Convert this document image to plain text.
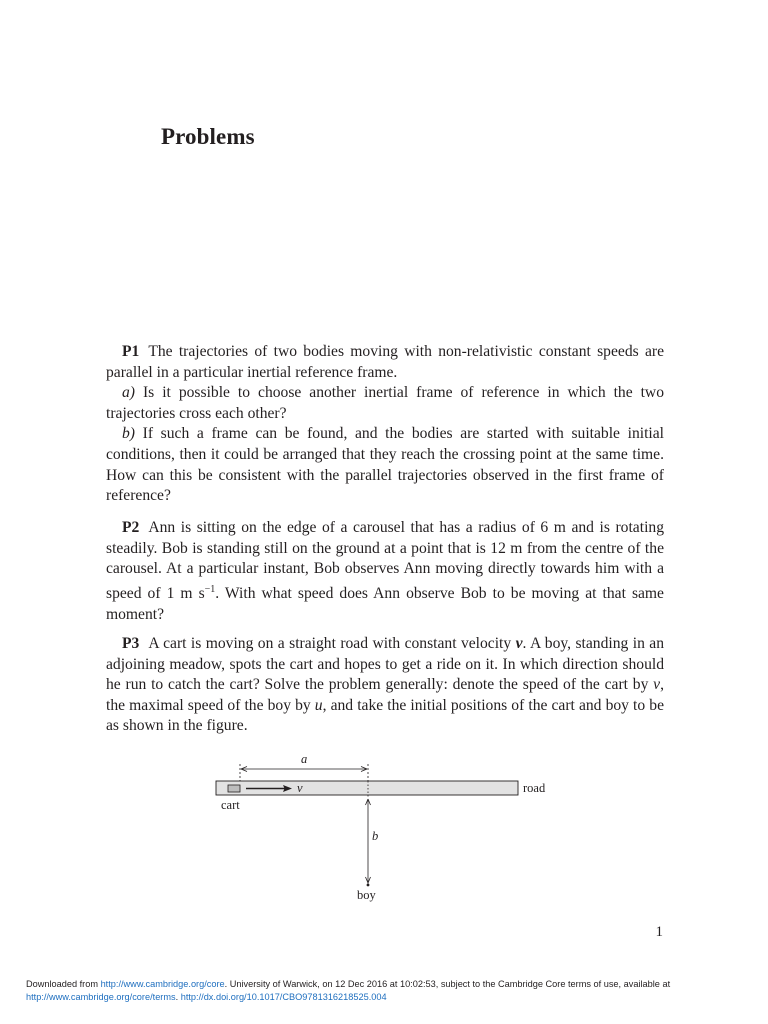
Problems

P1 The trajectories of two bodies moving with non-relativistic constant speeds are parallel in a particular inertial reference frame.

a) Is it possible to choose another inertial frame of reference in which the two trajectories cross each other?

b) If such a frame can be found, and the bodies are started with suitable initial conditions, then it could be arranged that they reach the crossing point at the same time. How can this be consistent with the parallel trajectories observed in the first frame of reference?

P2 Ann is sitting on the edge of a carousel that has a radius of 6 m and is rotating steadily. Bob is standing still on the ground at a point that is 12 m from the centre of the carousel. At a particular instant, Bob observes Ann moving directly towards him with a speed of 1 m $s^{-1}$. With what speed does Ann observe Bob to be moving at that same moment?

P3 A cart is moving on a straight road with constant velocity v. A boy, standing in an adjoining meadow, spots the cart and hopes to get a ride on it. In which direction should he run to catch the cart? Solve the problem generally: denote the speed of the cart by v, the maximal speed of the boy by u, and take the initial positions of the cart and boy to be as shown in the figure.

a
v	road
cart
b
boy
1
Downloaded from http://www.cambridge.org/core. University of Warwick, on 12 Dec 2016 at 10:02:53, subject to the Cambridge Core terms of use, available at
http://www.cambridge.org/core/terms. http://dx.doi.org/10.1017/CBO9781316218525.004
